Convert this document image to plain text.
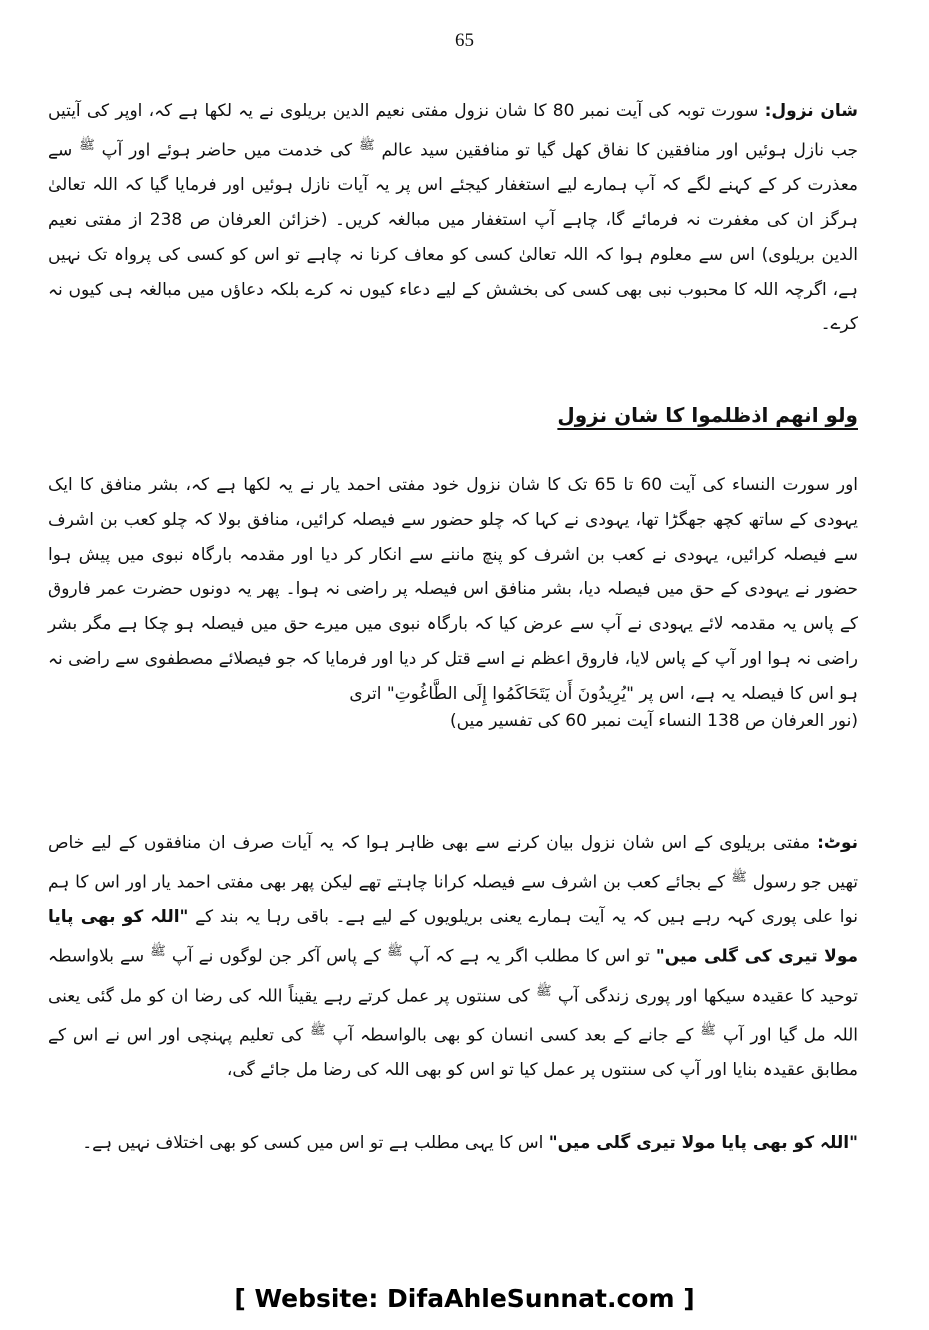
65

شان نزول: سورت توبہ کی آیت نمبر 80 کا شان نزول مفتی نعیم الدین بریلوی نے یہ لکھا ہے کہ، اوپر کی آیتیں جب نازل ہوئیں اور منافقین کا نفاق کھل گیا تو منافقین سید عالم $^ﷺ$ کی خدمت میں حاضر ہوئے اور آپ $^ﷺ$ سے معذرت کر کے کہنے لگے کہ آپ ہمارے لیے استغفار کیجئے اس پر یہ آیات نازل ہوئیں اور فرمایا گیا کہ اللہ تعالیٰ ہرگز ان کی مغفرت نہ فرمائے گا، چاہے آپ استغفار میں مبالغہ کریں۔ (خزائن العرفان ص 238 از مفتی نعیم الدین بریلوی) اس سے معلوم ہوا کہ اللہ تعالیٰ کسی کو معاف کرنا نہ چاہے تو اس کو کسی کی پرواہ تک نہیں ہے، اگرچہ اللہ کا محبوب نبی بھی کسی کی بخشش کے لیے دعاء کیوں نہ کرے بلکہ دعاؤں میں مبالغہ ہی کیوں نہ کرے۔

ولو انھم اذظلموا کا شان نزول

اور سورت النساء کی آیت 60 تا 65 تک کا شان نزول خود مفتی احمد یار نے یہ لکھا ہے کہ، بشر منافق کا ایک یہودی کے ساتھ کچھ جھگڑا تھا، یہودی نے کہا کہ چلو حضور سے فیصلہ کرائیں، منافق بولا کہ چلو کعب بن اشرف سے فیصلہ کرائیں، یہودی نے کعب بن اشرف کو پنچ ماننے سے انکار کر دیا اور مقدمہ بارگاہ نبوی میں پیش ہوا حضور نے یہودی کے حق میں فیصلہ دیا، بشر منافق اس فیصلہ پر راضی نہ ہوا۔ پھر یہ دونوں حضرت عمر فاروق کے پاس یہ مقدمہ لائے یہودی نے آپ سے عرض کیا کہ بارگاہ نبوی میں میرے حق میں فیصلہ ہو چکا ہے مگر بشر راضی نہ ہوا اور آپ کے پاس لایا، فاروق اعظم نے اسے قتل کر دیا اور فرمایا کہ جو فیصلائے مصطفوی سے راضی نہ ہو اس کا فیصلہ یہ ہے، اس پر "يُرِيدُونَ أَن يَتَحَاكَمُوا إِلَى الطَّاغُوتِ" اتری

(نور العرفان ص 138 النساء آیت نمبر 60 کی تفسیر میں)

نوٹ: مفتی بریلوی کے اس شان نزول بیان کرنے سے بھی ظاہر ہوا کہ یہ آیات صرف ان منافقوں کے لیے خاص تھیں جو رسول $^ﷺ$ کے بجائے کعب بن اشرف سے فیصلہ کرانا چاہتے تھے لیکن پھر بھی مفتی احمد یار اور اس کا ہم نوا علی پوری کہہ رہے ہیں کہ یہ آیت ہمارے یعنی بریلویوں کے لیے ہے۔ باقی رہا یہ بند کے "اللہ کو بھی پایا مولا تیری کی گلی میں" تو اس کا مطلب اگر یہ ہے کہ آپ $^ﷺ$ کے پاس آکر جن لوگوں نے آپ $^ﷺ$ سے بلاواسطہ توحید کا عقیدہ سیکھا اور پوری زندگی آپ $^ﷺ$ کی سنتوں پر عمل کرتے رہے یقیناً اللہ کی رضا ان کو مل گئی یعنی اللہ مل گیا اور آپ $^ﷺ$ کے جانے کے بعد کسی انسان کو بھی بالواسطہ آپ $^ﷺ$ کی تعلیم پہنچی اور اس نے اس کے مطابق عقیدہ بنایا اور آپ کی سنتوں پر عمل کیا تو اس کو بھی اللہ کی رضا مل جائے گی،

"اللہ کو بھی پایا مولا تیری گلی میں" اس کا یہی مطلب ہے تو اس میں کسی کو بھی اختلاف نہیں ہے۔

[ Website: DifaAhleSunnat.com ]
